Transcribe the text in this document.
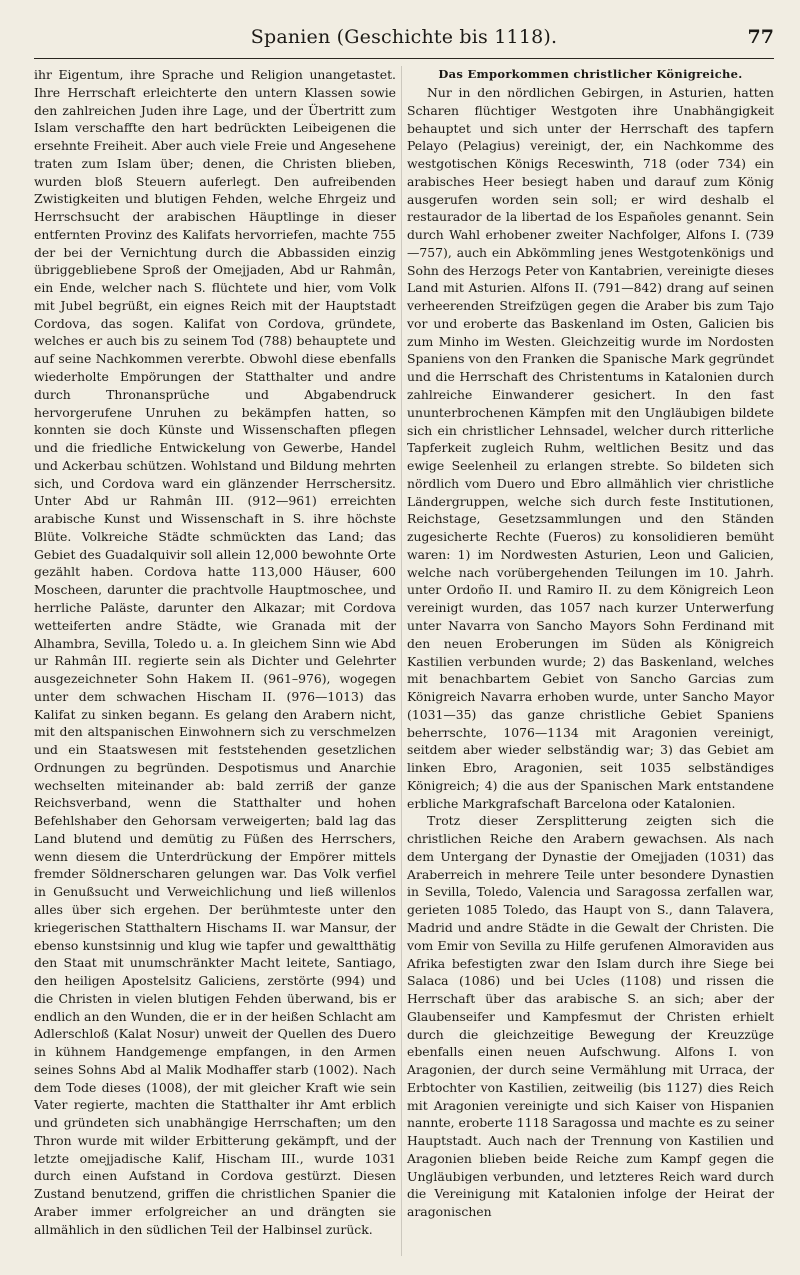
Spanien (Geschichte bis 1118).	77

ihr Eigentum, ihre Sprache und Religion unangetastet. Ihre Herrschaft erleichterte den untern Klassen sowie den zahlreichen Juden ihre Lage, und der Übertritt zum Islam verschaffte den hart bedrückten Leibeigenen die ersehnte Freiheit. Aber auch viele Freie und Angesehene traten zum Islam über; denen, die Christen blieben, wurden bloß Steuern auferlegt. Den aufreibenden Zwistigkeiten und blutigen Fehden, welche Ehrgeiz und Herrschsucht der arabischen Häuptlinge in dieser entfernten Provinz des Kalifats hervorriefen, machte 755 der bei der Vernichtung durch die Abbassiden einzig übriggebliebene Sproß der Omejjaden, Abd ur Rahmân, ein Ende, welcher nach S. flüchtete und hier, vom Volk mit Jubel begrüßt, ein eignes Reich mit der Hauptstadt Cordova, das sogen. Kalifat von Cordova, gründete, welches er auch bis zu seinem Tod (788) behauptete und auf seine Nachkommen vererbte. Obwohl diese ebenfalls wiederholte Empörungen der Statthalter und andre durch Thronansprüche und Abgabendruck hervorgerufene Unruhen zu bekämpfen hatten, so konnten sie doch Künste und Wissenschaften pflegen und die friedliche Entwickelung von Gewerbe, Handel und Ackerbau schützen. Wohlstand und Bildung mehrten sich, und Cordova ward ein glänzender Herrschersitz. Unter Abd ur Rahmân III. (912—961) erreichten arabische Kunst und Wissenschaft in S. ihre höchste Blüte. Volkreiche Städte schmückten das Land; das Gebiet des Guadalquivir soll allein 12,000 bewohnte Orte gezählt haben. Cordova hatte 113,000 Häuser, 600 Moscheen, darunter die prachtvolle Hauptmoschee, und herrliche Paläste, darunter den Alkazar; mit Cordova wetteiferten andre Städte, wie Granada mit der Alhambra, Sevilla, Toledo u. a. In gleichem Sinn wie Abd ur Rahmân III. regierte sein als Dichter und Gelehrter ausgezeichneter Sohn Hakem II. (961–976), wogegen unter dem schwachen Hischam II. (976—1013) das Kalifat zu sinken begann. Es gelang den Arabern nicht, mit den altspanischen Einwohnern sich zu verschmelzen und ein Staatswesen mit feststehenden gesetzlichen Ordnungen zu begründen. Despotismus und Anarchie wechselten miteinander ab: bald zerriß der ganze Reichsverband, wenn die Statthalter und hohen Befehlshaber den Gehorsam verweigerten; bald lag das Land blutend und demütig zu Füßen des Herrschers, wenn diesem die Unterdrückung der Empörer mittels fremder Söldnerscharen gelungen war. Das Volk verfiel in Genußsucht und Verweichlichung und ließ willenlos alles über sich ergehen. Der berühmteste unter den kriegerischen Statthaltern Hischams II. war Mansur, der ebenso kunstsinnig und klug wie tapfer und gewaltthätig den Staat mit unumschränkter Macht leitete, Santiago, den heiligen Apostelsitz Galiciens, zerstörte (994) und die Christen in vielen blutigen Fehden überwand, bis er endlich an den Wunden, die er in der heißen Schlacht am Adlerschloß (Kalat Nosur) unweit der Quellen des Duero in kühnem Handgemenge empfangen, in den Armen seines Sohns Abd al Malik Modhaffer starb (1002). Nach dem Tode dieses (1008), der mit gleicher Kraft wie sein Vater regierte, machten die Statthalter ihr Amt erblich und gründeten sich unabhängige Herrschaften; um den Thron wurde mit wilder Erbitterung gekämpft, und der letzte omejjadische Kalif, Hischam III., wurde 1031 durch einen Aufstand in Cordova gestürzt. Diesen Zustand benutzend, griffen die christlichen Spanier die Araber immer erfolgreicher an und drängten sie allmählich in den südlichen Teil der Halbinsel zurück.

Das Emporkommen christlicher Königreiche.

Nur in den nördlichen Gebirgen, in Asturien, hatten Scharen flüchtiger Westgoten ihre Unabhängigkeit behauptet und sich unter der Herrschaft des tapfern Pelayo (Pelagius) vereinigt, der, ein Nachkomme des westgotischen Königs Receswinth, 718 (oder 734) ein arabisches Heer besiegt haben und darauf zum König ausgerufen worden sein soll; er wird deshalb el restaurador de la libertad de los Españoles genannt. Sein durch Wahl erhobener zweiter Nachfolger, Alfons I. (739—757), auch ein Abkömmling jenes Westgotenkönigs und Sohn des Herzogs Peter von Kantabrien, vereinigte dieses Land mit Asturien. Alfons II. (791—842) drang auf seinen verheerenden Streifzügen gegen die Araber bis zum Tajo vor und eroberte das Baskenland im Osten, Galicien bis zum Minho im Westen. Gleichzeitig wurde im Nordosten Spaniens von den Franken die Spanische Mark gegründet und die Herrschaft des Christentums in Katalonien durch zahlreiche Einwanderer gesichert. In den fast ununterbrochenen Kämpfen mit den Ungläubigen bildete sich ein christlicher Lehnsadel, welcher durch ritterliche Tapferkeit zugleich Ruhm, weltlichen Besitz und das ewige Seelenheil zu erlangen strebte. So bildeten sich nördlich vom Duero und Ebro allmählich vier christliche Ländergruppen, welche sich durch feste Institutionen, Reichstage, Gesetzsammlungen und den Ständen zugesicherte Rechte (Fueros) zu konsolidieren bemüht waren: 1) im Nordwesten Asturien, Leon und Galicien, welche nach vorübergehenden Teilungen im 10. Jahrh. unter Ordoño II. und Ramiro II. zu dem Königreich Leon vereinigt wurden, das 1057 nach kurzer Unterwerfung unter Navarra von Sancho Mayors Sohn Ferdinand mit den neuen Eroberungen im Süden als Königreich Kastilien verbunden wurde; 2) das Baskenland, welches mit benachbartem Gebiet von Sancho Garcias zum Königreich Navarra erhoben wurde, unter Sancho Mayor (1031—35) das ganze christliche Gebiet Spaniens beherrschte, 1076—1134 mit Aragonien vereinigt, seitdem aber wieder selbständig war; 3) das Gebiet am linken Ebro, Aragonien, seit 1035 selbständiges Königreich; 4) die aus der Spanischen Mark entstandene erbliche Markgrafschaft Barcelona oder Katalonien.

Trotz dieser Zersplitterung zeigten sich die christlichen Reiche den Arabern gewachsen. Als nach dem Untergang der Dynastie der Omejjaden (1031) das Araberreich in mehrere Teile unter besondere Dynastien in Sevilla, Toledo, Valencia und Saragossa zerfallen war, gerieten 1085 Toledo, das Haupt von S., dann Talavera, Madrid und andre Städte in die Gewalt der Christen. Die vom Emir von Sevilla zu Hilfe gerufenen Almoraviden aus Afrika befestigten zwar den Islam durch ihre Siege bei Salaca (1086) und bei Ucles (1108) und rissen die Herrschaft über das arabische S. an sich; aber der Glaubenseifer und Kampfesmut der Christen erhielt durch die gleichzeitige Bewegung der Kreuzzüge ebenfalls einen neuen Aufschwung. Alfons I. von Aragonien, der durch seine Vermählung mit Urraca, der Erbtochter von Kastilien, zeitweilig (bis 1127) dies Reich mit Aragonien vereinigte und sich Kaiser von Hispanien nannte, eroberte 1118 Saragossa und machte es zu seiner Hauptstadt. Auch nach der Trennung von Kastilien und Aragonien blieben beide Reiche zum Kampf gegen die Ungläubigen verbunden, und letzteres Reich ward durch die Vereinigung mit Katalonien infolge der Heirat der aragonischen
